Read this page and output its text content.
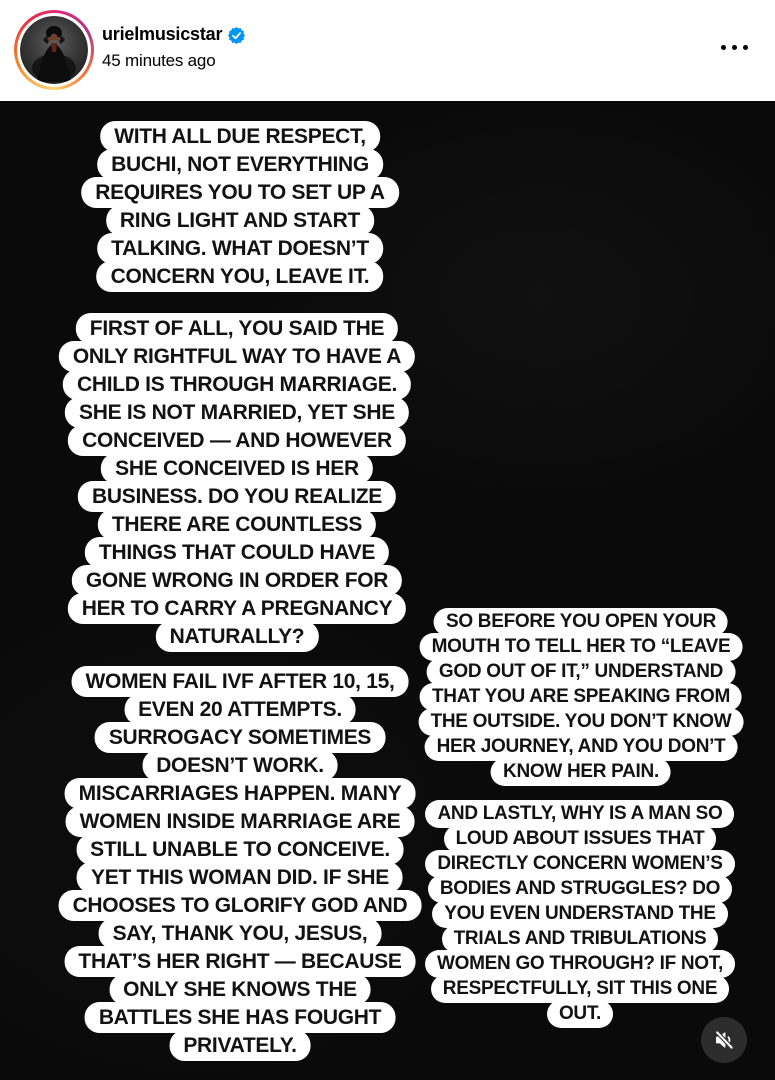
urielmusicstar
45 minutes ago
WITH ALL DUE RESPECT,
BUCHI, NOT EVERYTHING
REQUIRES YOU TO SET UP A
RING LIGHT AND START
TALKING. WHAT DOESN’T
CONCERN YOU, LEAVE IT.
FIRST OF ALL, YOU SAID THE
ONLY RIGHTFUL WAY TO HAVE A
CHILD IS THROUGH MARRIAGE.
SHE IS NOT MARRIED, YET SHE
CONCEIVED — AND HOWEVER
SHE CONCEIVED IS HER
BUSINESS. DO YOU REALIZE
THERE ARE COUNTLESS
THINGS THAT COULD HAVE
GONE WRONG IN ORDER FOR
HER TO CARRY A PREGNANCY
NATURALLY?
WOMEN FAIL IVF AFTER 10, 15,
EVEN 20 ATTEMPTS.
SURROGACY SOMETIMES
DOESN’T WORK.
MISCARRIAGES HAPPEN. MANY
WOMEN INSIDE MARRIAGE ARE
STILL UNABLE TO CONCEIVE.
YET THIS WOMAN DID. IF SHE
CHOOSES TO GLORIFY GOD AND
SAY, THANK YOU, JESUS,
THAT’S HER RIGHT — BECAUSE
ONLY SHE KNOWS THE
BATTLES SHE HAS FOUGHT
PRIVATELY.
SO BEFORE YOU OPEN YOUR
MOUTH TO TELL HER TO “LEAVE
GOD OUT OF IT,” UNDERSTAND
THAT YOU ARE SPEAKING FROM
THE OUTSIDE. YOU DON’T KNOW
HER JOURNEY, AND YOU DON’T
KNOW HER PAIN.
AND LASTLY, WHY IS A MAN SO
LOUD ABOUT ISSUES THAT
DIRECTLY CONCERN WOMEN’S
BODIES AND STRUGGLES? DO
YOU EVEN UNDERSTAND THE
TRIALS AND TRIBULATIONS
WOMEN GO THROUGH? IF NOT,
RESPECTFULLY, SIT THIS ONE
OUT.
